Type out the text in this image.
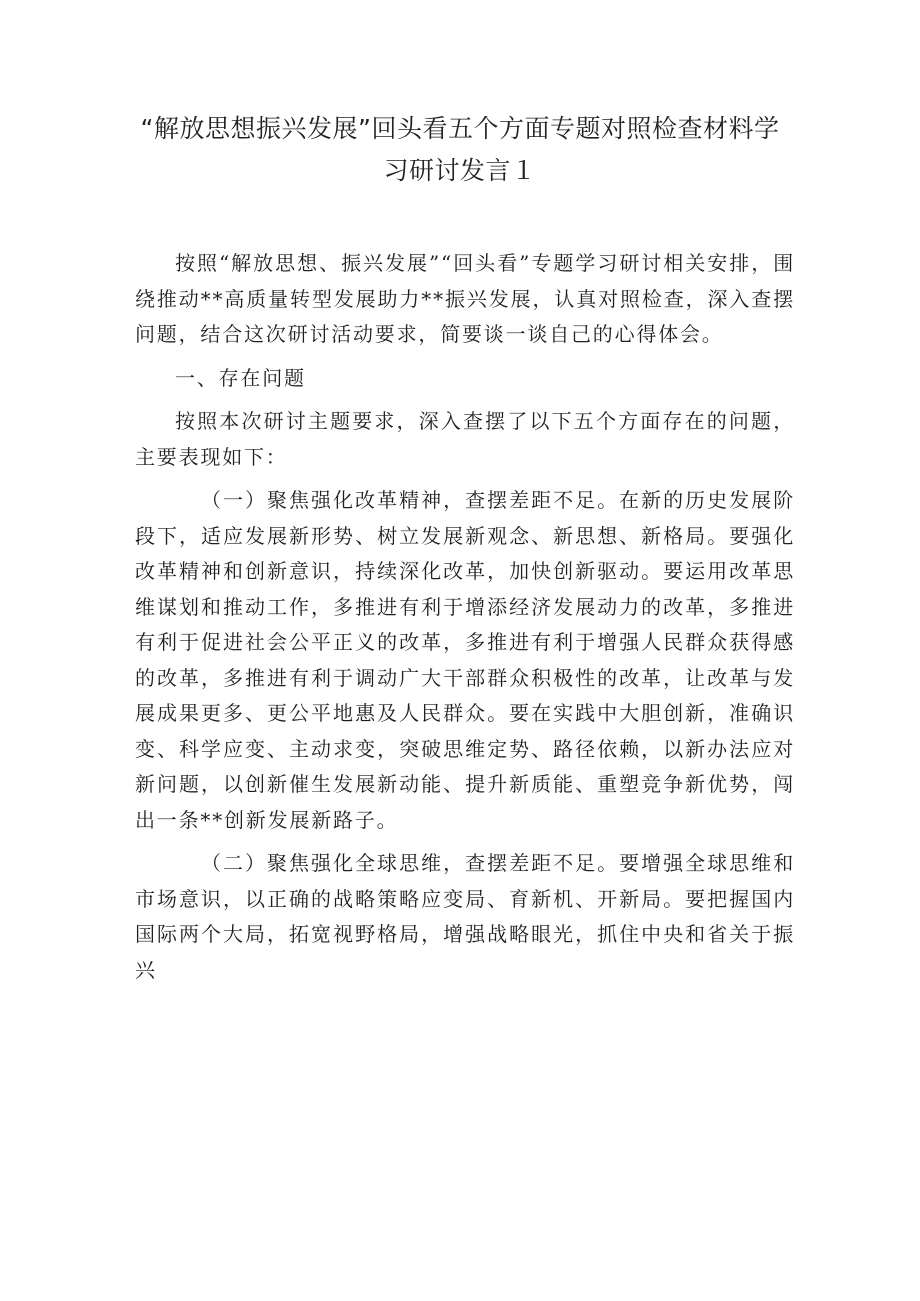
“解放思想振兴发展”回头看五个方面专题对照检查材料学习研讨发言１

按照“解放思想、振兴发展”“回头看”专题学习研讨相关安排，围绕推动**高质量转型发展助力**振兴发展，认真对照检查，深入查摆问题，结合这次研讨活动要求，简要谈一谈自己的心得体会。

一、存在问题

按照本次研讨主题要求，深入查摆了以下五个方面存在的问题，主要表现如下：

（一）聚焦强化改革精神，查摆差距不足。在新的历史发展阶段下，适应发展新形势、树立发展新观念、新思想、新格局。要强化改革精神和创新意识，持续深化改革，加快创新驱动。要运用改革思维谋划和推动工作，多推进有利于增添经济发展动力的改革，多推进有利于促进社会公平正义的改革，多推进有利于增强人民群众获得感的改革，多推进有利于调动广大干部群众积极性的改革，让改革与发展成果更多、更公平地惠及人民群众。要在实践中大胆创新，准确识变、科学应变、主动求变，突破思维定势、路径依赖，以新办法应对新问题，以创新催生发展新动能、提升新质能、重塑竞争新优势，闯出一条**创新发展新路子。

（二）聚焦强化全球思维，查摆差距不足。要增强全球思维和市场意识，以正确的战略策略应变局、育新机、开新局。要把握国内国际两个大局，拓宽视野格局，增强战略眼光，抓住中央和省关于振兴
